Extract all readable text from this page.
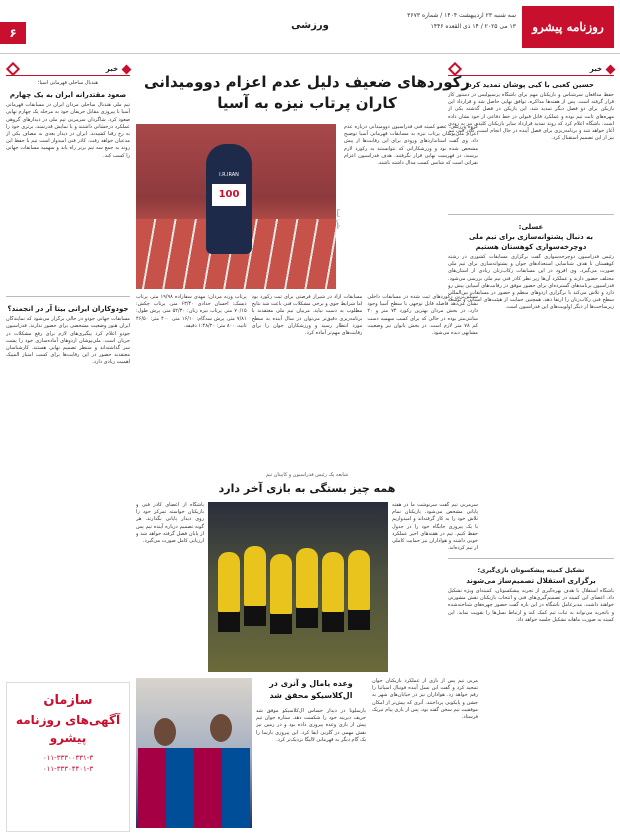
روزنامه پیشرو
سه شنبه ۲۳ اردیبهشت ۱۴۰۴ / شماره ۳۶۷۳
۱۳ می ۲۰۲۵ / ۱۴ ذی القعده ۱۴۴۶
ورزشی
۶
خبر
حسین کعبی با کیی پوشان تمدید کرد
حفظ مدافعان سرشناس و بازیکنان مهم برای باشگاه پرسپولیس در دستور کار قرار گرفته است. پس از هفته‌ها مذاکره، توافق نهایی حاصل شد و قرارداد این بازیکن برای دو فصل دیگر تمدید شد. این بازیکن در فصل گذشته یکی از مهره‌های ثابت تیم بوده و عملکرد قابل قبولی در خط دفاعی از خود نشان داده است. باشگاه اعلام کرد که روند تمدید قرارداد سایر بازیکنان کلیدی نیز به زودی آغاز خواهد شد و برنامه‌ریزی برای فصل آینده در حال انجام است. کادر فنی تیم نیز از این تصمیم استقبال کرد.
عسلی:
به دنبال پشتوانه‌سازی برای تیم ملی دوچرخه‌سواری کوهستان هستیم
رئیس فدراسیون دوچرخه‌سواری گفت برگزاری مسابقات کشوری در رشته کوهستان با هدف شناسایی استعدادهای جوان و پشتوانه‌سازی برای تیم ملی صورت می‌گیرد. وی افزود در این مسابقات رکاب‌زنان زیادی از استان‌های مختلف حضور دارند و عملکرد آن‌ها زیر نظر کادر فنی تیم ملی بررسی می‌شود. فدراسیون برنامه‌های گسترده‌ای برای حضور موفق در رقابت‌های آسیایی پیش رو دارد و تلاش می‌کند با برگزاری اردوهای منظم و حضور در مسابقات بین‌المللی سطح فنی رکاب‌زنان را ارتقا دهد. همچنین حمایت از هیئت‌های استانی و توسعه زیرساخت‌ها از دیگر اولویت‌های این فدراسیون است.
تشکیل کمیته پیشکسوتان بازی‌گیری؛
برگزاری استقلال تصمیم‌ساز می‌شوند
باشگاه استقلال با هدف بهره‌گیری از تجربه پیشکسوتان، کمیته‌ای ویژه تشکیل داد. اعضای این کمیته در تصمیم‌گیری‌های فنی و انتخاب بازیکنان نقش مشورتی خواهند داشت. مدیرعامل باشگاه در این باره گفت حضور چهره‌های شناخته‌شده و باتجربه می‌تواند به ثبات تیم کمک کند و ارتباط نسل‌ها را تقویت نماید. این کمیته به صورت ماهانه تشکیل جلسه خواهد داد.
رکوردهای ضعیف دلیل عدم اعزام دوومیدانی کاران پرتاب نیزه به آسیا
I.R.IRAN
100
عکس: ایسنا
گروه ورزشی: عضو کمیته فنی فدراسیون دوومیدانی درباره عدم اعزام ملی‌پوشان پرتاب نیزه به مسابقات قهرمانی آسیا توضیح داد. وی گفت استانداردهای ورودی برای این رقابت‌ها از پیش مشخص شده بود و ورزشکارانی که نتوانستند به رکورد لازم برسند، در فهرست نهایی قرار نگرفتند. هدف فدراسیون اعزام نفراتی است که شانس کسب مدال داشته باشند.
سنگین‌ترین رکوردهای ثبت شده در مسابقات داخلی نشان می‌دهد فاصله قابل توجهی با سطح آسیا وجود دارد. در بخش مردان بهترین رکورد ۷۴ متر و ۲۰ سانتی‌متر بوده در حالی که برای کسب سهمیه دست کم ۷۸ متر لازم است. در بخش بانوان نیز وضعیت مشابهی دیده می‌شود.
مسابقات آزاد در شیراز فرصتی برای ثبت رکورد بود اما شرایط جوی و برخی مشکلات فنی باعث شد نتایج مطلوب به دست نیاید. مربیان تیم ملی معتقدند با برنامه‌ریزی دقیق‌تر می‌توان در سال آینده به سطح مورد انتظار رسید و ورزشکاران جوان را برای رقابت‌های مهم‌تر آماده کرد.
پرتاب وزنه مردان: مهدی سقازاده ۱۹/۹۸ متر، پرتاب دیسک: احسان حدادی ۶۳/۴۰ متر، پرتاب چکش: ۷۰/۱۵ متر. پرتاب نیزه زنان: ۵۲/۳۰ متر، پرش طول: ۷/۸۱ متر، پرش سه‌گام: ۱۶/۱۰ متر، ۴۰۰ متر: ۴۶/۵۰ ثانیه، ۸۰۰ متر: ۱:۴۸/۲۰ دقیقه.
شایعه یک رئیس فدراسیون و کاپیتان تیم
همه چیز بستگی به بازی آخر دارد
سرمربی تیم گفت سرنوشت ما در هفته پایانی مشخص می‌شود. بازیکنان تمام تلاش خود را به کار گرفته‌اند و امیدواریم با یک پیروزی جایگاه خود را در جدول حفظ کنیم. تیم در هفته‌های اخیر عملکرد خوبی داشته و هواداران نیز حمایت کاملی از تیم کرده‌اند.
باشگاه از اعضای کادر فنی و بازیکنان خواسته تمرکز خود را روی دیدار پایانی بگذارند. هر گونه تصمیم درباره آینده تیم پس از پایان فصل گرفته خواهد شد و ارزیابی کامل صورت می‌گیرد.
مربی تیم پس از بازی از عملکرد بازیکنان جوان تمجید کرد و گفت این نسل آینده فوتبال اسپانیا را رقم خواهد زد. هواداران نیز در خیابان‌های شهر به جشن و پایکوبی پرداختند. آنری که پیش‌تر از امکان موفقیت تیم سخن گفته بود، پس از بازی پیام تبریک فرستاد.
وعده یامال و آنری در ال‌کلاسیکو محقق شد
بارسلونا در دیدار حساس ال‌کلاسیکو موفق شد حریف دیرینه خود را شکست دهد. ستاره جوان تیم پیش از بازی وعده پیروزی داده بود و در زمین نیز نقش مهمی در گلزنی ایفا کرد. این پیروزی بارسا را یک گام دیگر به قهرمانی لالیگا نزدیک‌تر کرد.
خبر
هندبال ساحلی قهرمانی آسیا؛
صعود مقتدرانه ایران به یک چهارم
تیم ملی هندبال ساحلی مردان ایران در مسابقات قهرمانی آسیا با پیروزی مقابل حریفان خود به مرحله یک چهارم نهایی صعود کرد. شاگردان سرمربی تیم ملی در دیدارهای گروهی عملکرد درخشانی داشتند و با نمایش قدرتمند، برتری خود را به رخ رقبا کشیدند. ایران در دیدار بعدی به مصاف یکی از مدعیان خواهد رفت. کادر فنی امیدوار است تیم با حفظ این روند به جمع سه تیم برتر راه یابد و سهمیه مسابقات جهانی را کسب کند.
جودوکاران ایرانی بیتا آر در انجمند؟
مسابقات جهانی جودو در حالی برگزار می‌شود که نمایندگان ایران هنوز وضعیت مشخصی برای حضور ندارند. فدراسیون جودو اعلام کرد پیگیری‌های لازم برای رفع مشکلات در جریان است. ملی‌پوشان اردوهای آماده‌سازی خود را پشت سر گذاشته‌اند و منتظر تصمیم نهایی هستند. کارشناسان معتقدند حضور در این رقابت‌ها برای کسب امتیاز المپیک اهمیت زیادی دارد.
سازمان
آگهی‌های روزنامه
پیشرو
۰۱۱-۳۳۳۰۰۳۳۱-۳
۰۱۱-۳۳۳۰۴۴۰۱-۳
